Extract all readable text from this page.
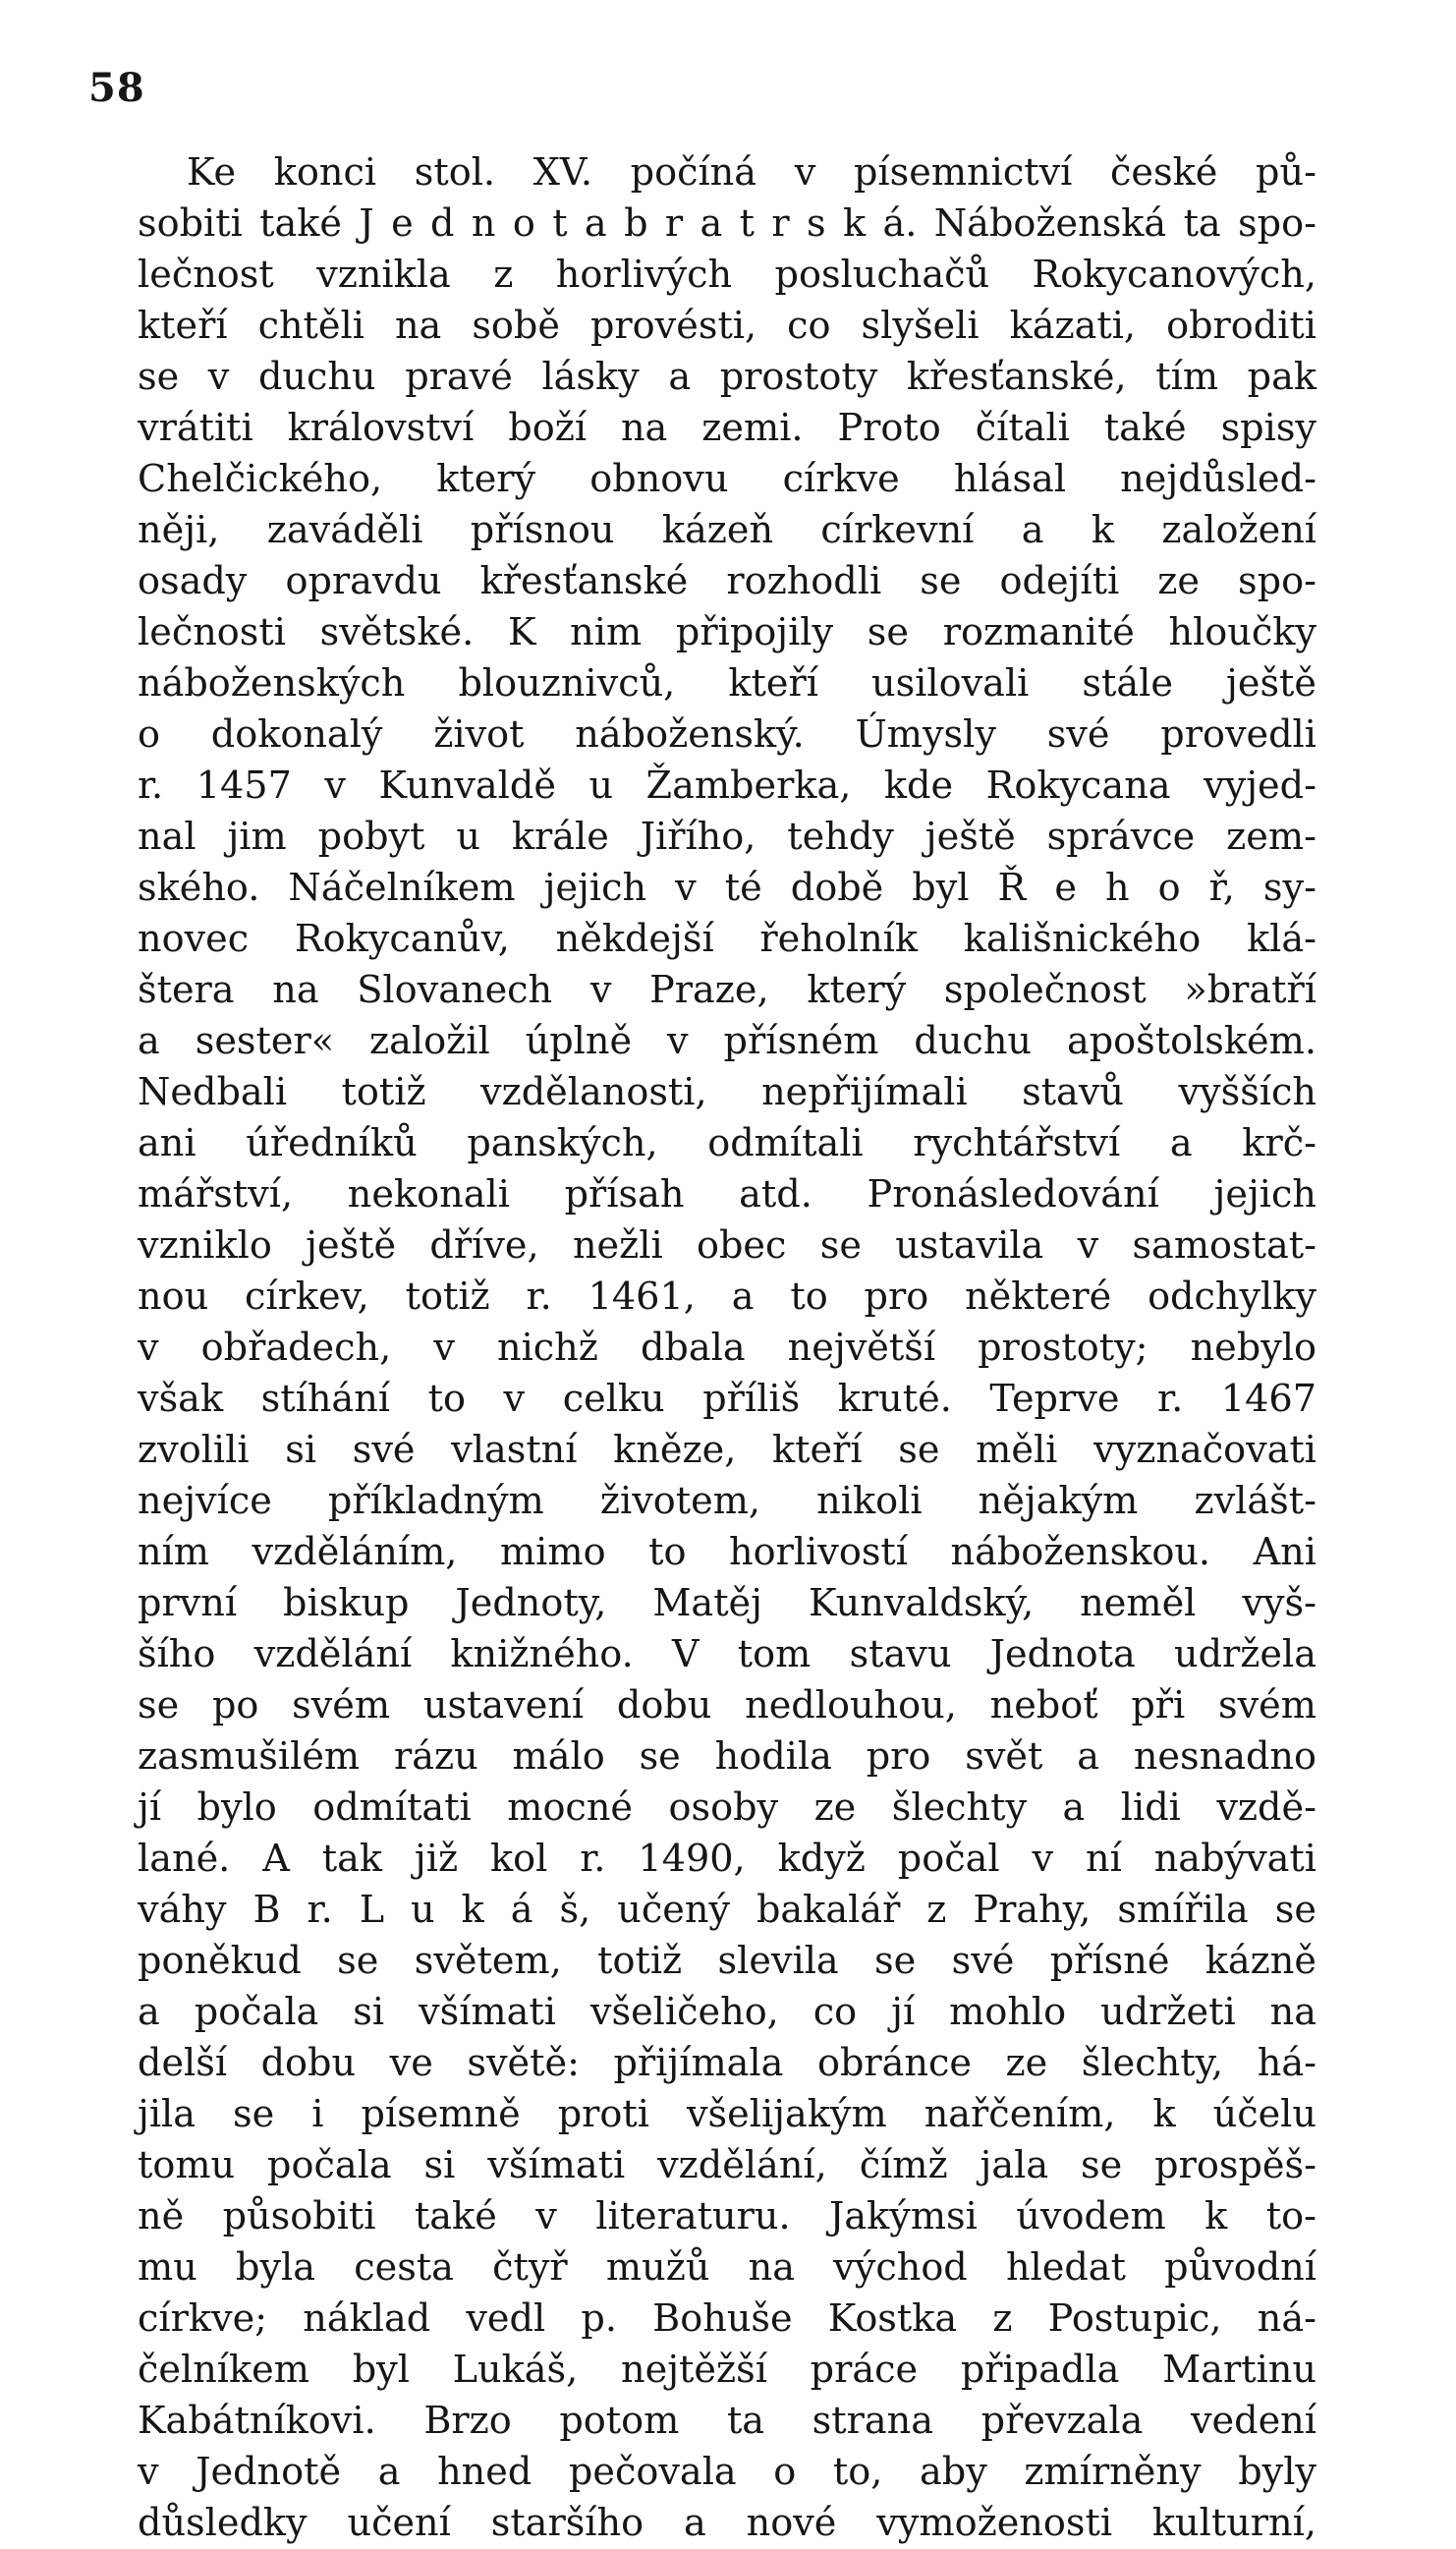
58
Ke konci stol. XV. počíná v písemnictví české pů-
sobiti také J e d n o t a b r a t r s k á. Náboženská ta spo-
lečnost vznikla z horlivých posluchačů Rokycanových,
kteří chtěli na sobě provésti, co slyšeli kázati, obroditi
se v duchu pravé lásky a prostoty křesťanské, tím pak
vrátiti království boží na zemi. Proto čítali také spisy
Chelčického, který obnovu církve hlásal nejdůsled-
něji, zaváděli přísnou kázeň církevní a k založení
osady opravdu křesťanské rozhodli se odejíti ze spo-
lečnosti světské. K nim připojily se rozmanité hloučky
náboženských blouznivců, kteří usilovali stále ještě
o dokonalý život náboženský. Úmysly své provedli
r. 1457 v Kunvaldě u Žamberka, kde Rokycana vyjed-
nal jim pobyt u krále Jiřího, tehdy ještě správce zem-
ského. Náčelníkem jejich v té době byl Ř e h o ř, sy-
novec Rokycanův, někdejší řeholník kališnického klá-
štera na Slovanech v Praze, který společnost »bratří
a sester« založil úplně v přísném duchu apoštolském.
Nedbali totiž vzdělanosti, nepřijímali stavů vyšších
ani úředníků panských, odmítali rychtářství a krč-
mářství, nekonali přísah atd. Pronásledování jejich
vzniklo ještě dříve, nežli obec se ustavila v samostat-
nou církev, totiž r. 1461, a to pro některé odchylky
v obřadech, v nichž dbala největší prostoty; nebylo
však stíhání to v celku příliš kruté. Teprve r. 1467
zvolili si své vlastní kněze, kteří se měli vyznačovati
nejvíce příkladným životem, nikoli nějakým zvlášt-
ním vzděláním, mimo to horlivostí náboženskou. Ani
první biskup Jednoty, Matěj Kunvaldský, neměl vyš-
šího vzdělání knižného. V tom stavu Jednota udržela
se po svém ustavení dobu nedlouhou, neboť při svém
zasmušilém rázu málo se hodila pro svět a nesnadno
jí bylo odmítati mocné osoby ze šlechty a lidi vzdě-
lané. A tak již kol r. 1490, když počal v ní nabývati
váhy B r. L u k á š, učený bakalář z Prahy, smířila se
poněkud se světem, totiž slevila se své přísné kázně
a počala si všímati všeličeho, co jí mohlo udržeti na
delší dobu ve světě: přijímala obránce ze šlechty, há-
jila se i písemně proti všelijakým nařčením, k účelu
tomu počala si všímati vzdělání, čímž jala se prospěš-
ně působiti také v literaturu. Jakýmsi úvodem k to-
mu byla cesta čtyř mužů na východ hledat původní
církve; náklad vedl p. Bohuše Kostka z Postupic, ná-
čelníkem byl Lukáš, nejtěžší práce připadla Martinu
Kabátníkovi. Brzo potom ta strana převzala vedení
v Jednotě a hned pečovala o to, aby zmírněny byly
důsledky učení staršího a nové vymoženosti kulturní,
